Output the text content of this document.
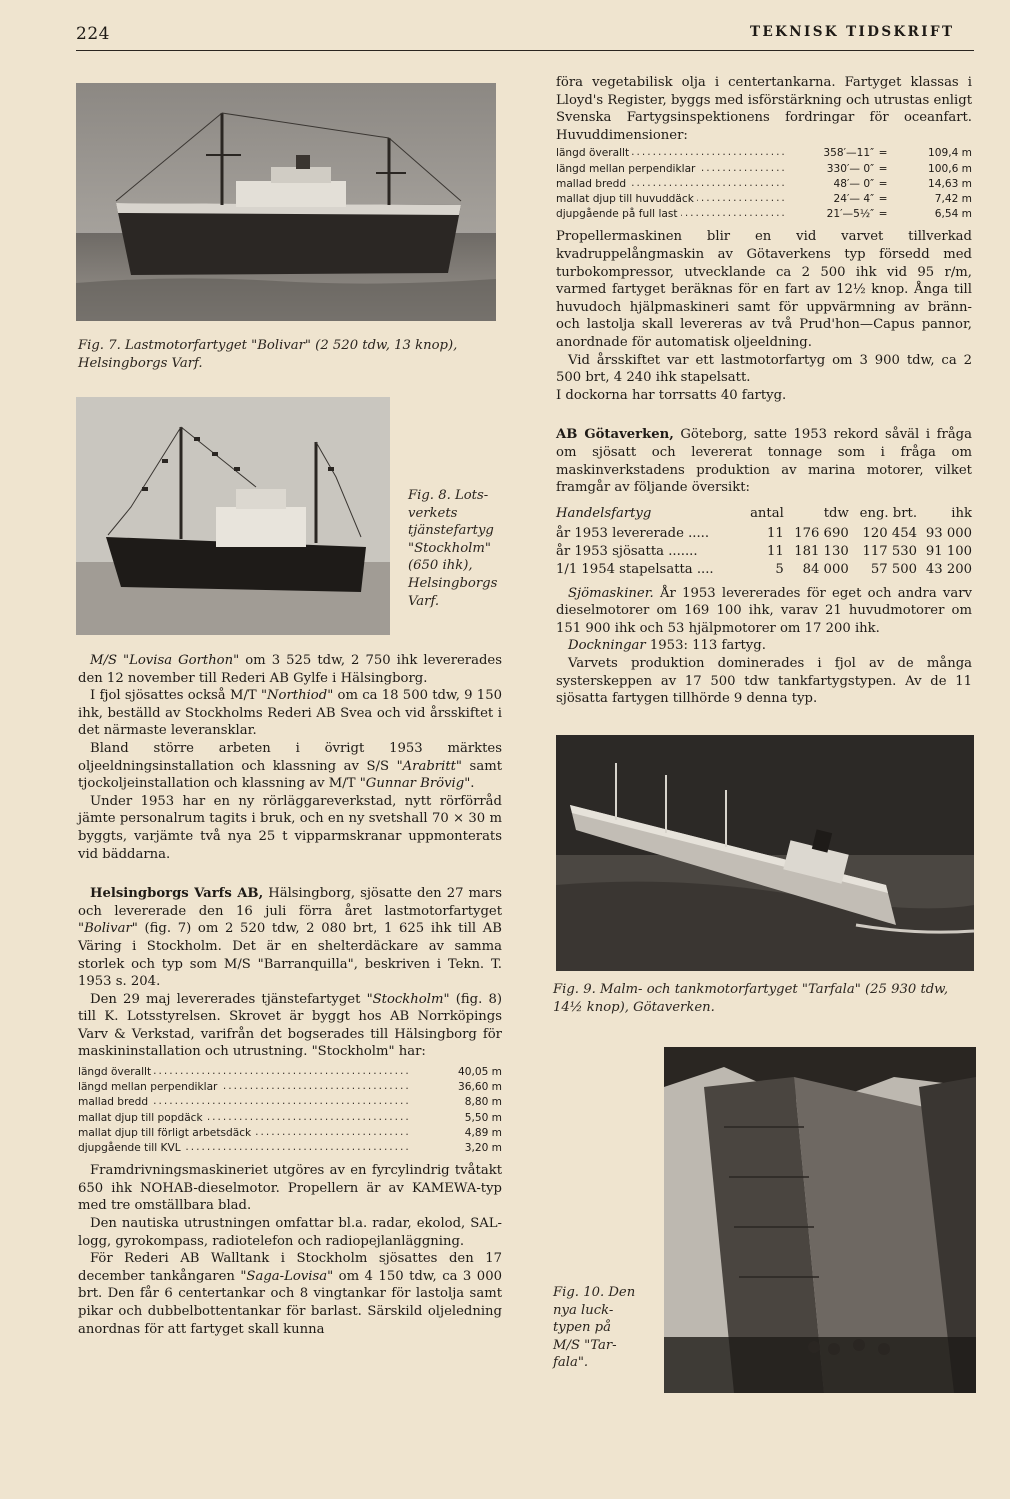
224	TEKNISK TIDSKRIFT
Fig. 7. Lastmotorfartyget "Bolivar" (2 520 tdw, 13 knop), Helsingborgs Varf.
Fig. 8. Lots-
verkets
tjänstefartyg
"Stockholm"
(650 ihk),
Helsingborgs
Varf.

M/S "Lovisa Gorthon" om 3 525 tdw, 2 750 ihk levererades den 12 november till Rederi AB Gylfe i Hälsingborg.

I fjol sjösattes också M/T "Northiod" om ca 18 500 tdw, 9 150 ihk, beställd av Stockholms Rederi AB Svea och vid årsskiftet i det närmaste leveransklar.

Bland större arbeten i övrigt 1953 märktes oljeeldningsinstallation och klassning av S/S "Arabritt" samt tjockoljeinstallation och klassning av M/T "Gunnar Brövig".

Under 1953 har en ny rörläggareverkstad, nytt rörförråd jämte personalrum tagits i bruk, och en ny svetshall 70 × 30 m byggts, varjämte två nya 25 t vipparmskranar uppmonterats vid bäddarna.

Helsingborgs Varfs AB, Hälsingborg, sjösatte den 27 mars och levererade den 16 juli förra året lastmotorfartyget "Bolivar" (fig. 7) om 2 520 tdw, 2 080 brt, 1 625 ihk till AB Väring i Stockholm. Det är en shelterdäckare av samma storlek och typ som M/S "Barranquilla", beskriven i Tekn. T. 1953 s. 204.

Den 29 maj levererades tjänstefartyget "Stockholm" (fig. 8) till K. Lotsstyrelsen. Skrovet är byggt hos AB Norrköpings Varv & Verkstad, varifrån det bogserades till Hälsingborg för maskininstallation och utrustning. "Stockholm" har:

längd överallt .....	40,05 m
längd mellan perpendiklar .....	36,60 m
mallad bredd .....	8,80 m
mallat djup till popdäck .....	5,50 m
mallat djup till förligt arbetsdäck .....	4,89 m
djupgående till KVL .....	3,20 m

Framdrivningsmaskineriet utgöres av en fyrcylindrig tvåtakt 650 ihk NOHAB-dieselmotor. Propellern är av KAMEWA-typ med tre omställbara blad.

Den nautiska utrustningen omfattar bl.a. radar, ekolod, SAL-logg, gyrokompass, radiotelefon och radiopejlanläggning.

För Rederi AB Walltank i Stockholm sjösattes den 17 december tankångaren "Saga-Lovisa" om 4 150 tdw, ca 3 000 brt. Den får 6 centertankar och 8 vingtankar för lastolja samt pikar och dubbelbottentankar för barlast. Särskild oljeledning anordnas för att fartyget skall kunna

föra vegetabilisk olja i centertankarna. Fartyget klassas i Lloyd's Register, byggs med isförstärkning och utrustas enligt Svenska Fartygsinspektionens fordringar för oceanfart. Huvuddimensioner:

längd överallt .....	358′—11″	=	109,4 m
längd mellan perpendiklar .....	330′— 0″	=	100,6 m
mallad bredd .....	48′— 0″	=	14,63 m
mallat djup till huvuddäck .....	24′— 4″	=	7,42 m
djupgående på full last .....	21′—5½″	=	6,54 m

Propellermaskinen blir en vid varvet tillverkad kvadruppelångmaskin av Götaverkens typ försedd med turbokompressor, utvecklande ca 2 500 ihk vid 95 r/m, varmed fartyget beräknas för en fart av 12½ knop. Ånga till huvudoch hjälpmaskineri samt för uppvärmning av bränn- och lastolja skall levereras av två Prud'hon—Capus pannor, anordnade för automatisk oljeeldning.

Vid årsskiftet var ett lastmotorfartyg om 3 900 tdw, ca 2 500 brt, 4 240 ihk stapelsatt.

I dockorna har torrsatts 40 fartyg.

AB Götaverken, Göteborg, satte 1953 rekord såväl i fråga om sjösatt och levererat tonnage som i fråga om maskinverkstadens produktion av marina motorer, vilket framgår av följande översikt:

Handelsfartyg	antal	tdw	eng. brt.	ihk
år 1953 levererade .....	11	176 690	120 454	93 000
år 1953 sjösatta .......	11	181 130	117 530	91 100
1/1 1954 stapelsatta ....	5	84 000	57 500	43 200

Sjömaskiner. År 1953 levererades för eget och andra varv dieselmotorer om 169 100 ihk, varav 21 huvudmotorer om 151 900 ihk och 53 hjälpmotorer om 17 200 ihk.

Dockningar 1953: 113 fartyg.

Varvets produktion dominerades i fjol av de många systerskeppen av 17 500 tdw tankfartygstypen. Av de 11 sjösatta fartygen tillhörde 9 denna typ.

Fig. 9. Malm- och tankmotorfartyget "Tarfala" (25 930 tdw, 14½ knop), Götaverken.
Fig. 10. Den
nya luck-
typen på
M/S "Tar-
fala".
